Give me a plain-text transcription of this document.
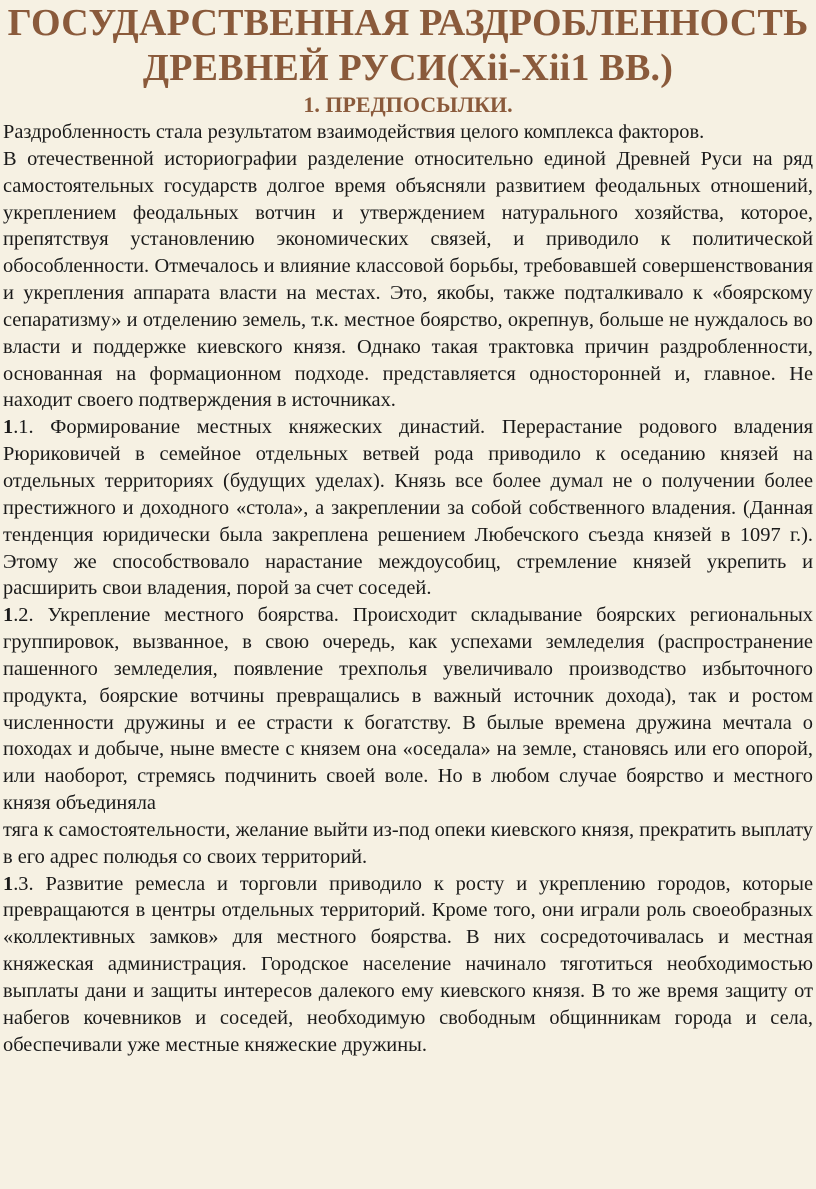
ГОСУДАРСТВЕННАЯ РАЗДРОБЛЕННОСТЬ ДРЕВНЕЙ РУСИ(Xii-Xii1 ВВ.)
1. ПРЕДПОСЫЛКИ.

Раздробленность стала результатом взаимодействия целого комплекса факторов.

В отечественной историографии разделение относительно единой Древней Руси на ряд самостоятельных государств долгое время объясняли развитием феодальных отношений, укреплением феодальных вотчин и утверждением натурального хозяйства, которое, препятствуя установлению экономических связей, и приводило к политической обособленности. Отмечалось и влияние классовой борьбы, требовавшей совершенствования и укрепления аппарата власти на местах. Это, якобы, также подталкивало к «боярскому сепаратизму» и отделению земель, т.к. местное боярство, окрепнув, больше не нуждалось во власти и поддержке киевского князя. Однако такая трактовка причин раздробленности, основанная на формационном подходе. представляется односторонней и, главное. Не находит своего подтверждения в источниках.

1.1. Формирование местных княжеских династий. Перерастание родового владения Рюриковичей в семейное отдельных ветвей рода приводило к оседанию князей на отдельных территориях (будущих уделах). Князь все более думал не о получении более престижного и доходного «стола», а закреплении за собой собственного владения. (Данная тенденция юридически была закреплена решением Любечского съезда князей в 1097 г.). Этому же способствовало нарастание междоусобиц, стремление князей укрепить и расширить свои владения, порой за счет соседей.

1.2. Укрепление местного боярства. Происходит складывание боярских региональных группировок, вызванное, в свою очередь, как успехами земледелия (распространение пашенного земледелия, появление трехполья увеличивало производство избыточного продукта, боярские вотчины превращались в важный источник дохода), так и ростом численности дружины и ее страсти к богатству. В былые времена дружина мечтала о походах и добыче, ныне вместе с князем она «оседала» на земле, становясь или его опорой, или наоборот, стремясь подчинить своей воле. Но в любом случае боярство и местного князя объединяла

тяга к самостоятельности, желание выйти из-под опеки киевского князя, прекратить выплату в его адрес полюдья со своих территорий.

1.3. Развитие ремесла и торговли приводило к росту и укреплению городов, которые превращаются в центры отдельных территорий. Кроме того, они играли роль своеобразных «коллективных замков» для местного боярства. В них сосредоточивалась и местная княжеская администрация. Городское население начинало тяготиться необходимостью выплаты дани и защиты интересов далекого ему киевского князя. В то же время защиту от набегов кочевников и соседей, необходимую свободным общинникам города и села, обеспечивали уже местные княжеские дружины.
